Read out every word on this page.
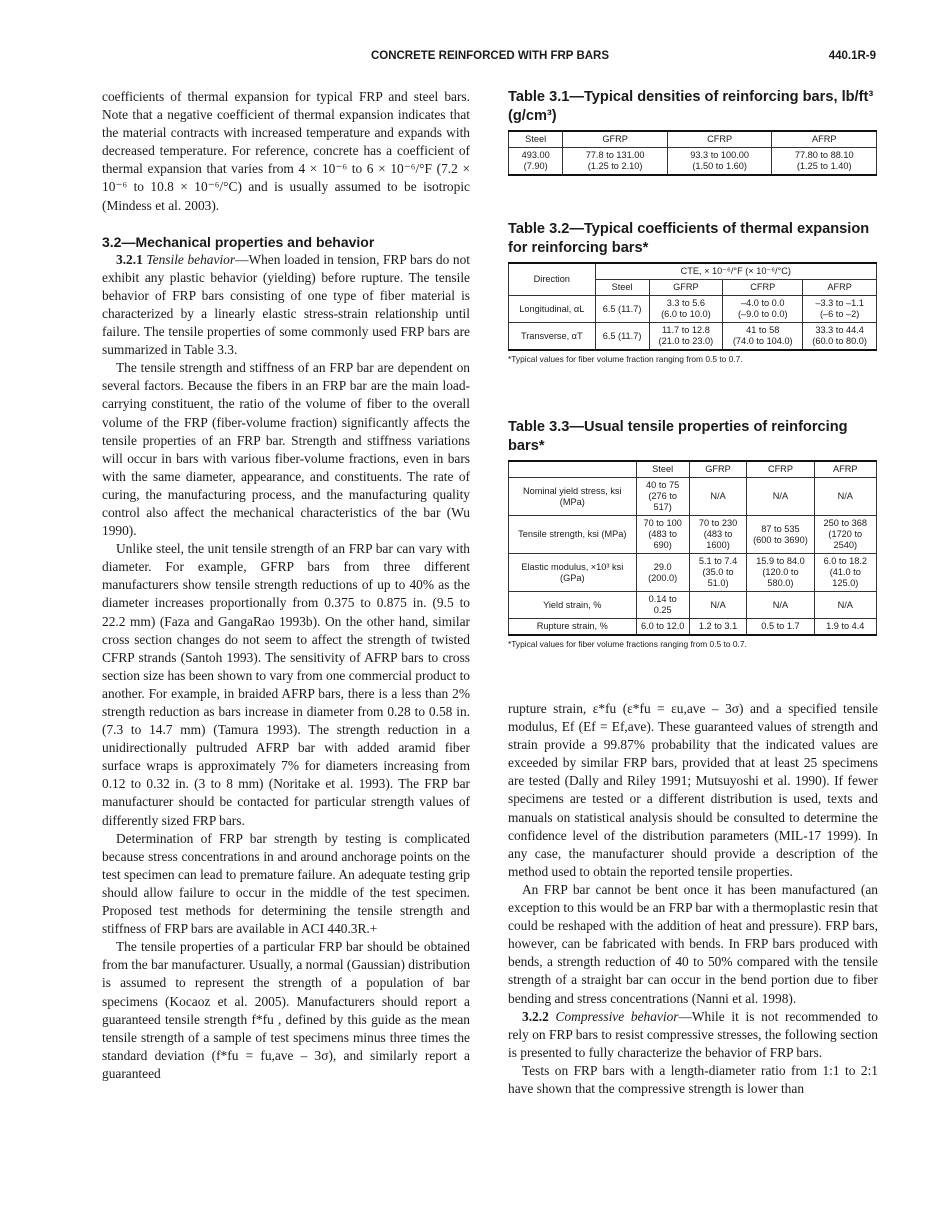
CONCRETE REINFORCED WITH FRP BARS	440.1R-9

coefficients of thermal expansion for typical FRP and steel bars. Note that a negative coefficient of thermal expansion indicates that the material contracts with increased temperature and expands with decreased temperature. For reference, concrete has a coefficient of thermal expansion that varies from 4 × 10⁻⁶ to 6 × 10⁻⁶/°F (7.2 × 10⁻⁶ to 10.8 × 10⁻⁶/°C) and is usually assumed to be isotropic (Mindess et al. 2003).

3.2—Mechanical properties and behavior

3.2.1 Tensile behavior—When loaded in tension, FRP bars do not exhibit any plastic behavior (yielding) before rupture. The tensile behavior of FRP bars consisting of one type of fiber material is characterized by a linearly elastic stress-strain relationship until failure. The tensile properties of some commonly used FRP bars are summarized in Table 3.3.

The tensile strength and stiffness of an FRP bar are dependent on several factors. Because the fibers in an FRP bar are the main load-carrying constituent, the ratio of the volume of fiber to the overall volume of the FRP (fiber-volume fraction) significantly affects the tensile properties of an FRP bar. Strength and stiffness variations will occur in bars with various fiber-volume fractions, even in bars with the same diameter, appearance, and constituents. The rate of curing, the manufacturing process, and the manufacturing quality control also affect the mechanical characteristics of the bar (Wu 1990).

Unlike steel, the unit tensile strength of an FRP bar can vary with diameter. For example, GFRP bars from three different manufacturers show tensile strength reductions of up to 40% as the diameter increases proportionally from 0.375 to 0.875 in. (9.5 to 22.2 mm) (Faza and GangaRao 1993b). On the other hand, similar cross section changes do not seem to affect the strength of twisted CFRP strands (Santoh 1993). The sensitivity of AFRP bars to cross section size has been shown to vary from one commercial product to another. For example, in braided AFRP bars, there is a less than 2% strength reduction as bars increase in diameter from 0.28 to 0.58 in. (7.3 to 14.7 mm) (Tamura 1993). The strength reduction in a unidirectionally pultruded AFRP bar with added aramid fiber surface wraps is approximately 7% for diameters increasing from 0.12 to 0.32 in. (3 to 8 mm) (Noritake et al. 1993). The FRP bar manufacturer should be contacted for particular strength values of differently sized FRP bars.

Determination of FRP bar strength by testing is complicated because stress concentrations in and around anchorage points on the test specimen can lead to premature failure. An adequate testing grip should allow failure to occur in the middle of the test specimen. Proposed test methods for determining the tensile strength and stiffness of FRP bars are available in ACI 440.3R.+

The tensile properties of a particular FRP bar should be obtained from the bar manufacturer. Usually, a normal (Gaussian) distribution is assumed to represent the strength of a population of bar specimens (Kocaoz et al. 2005). Manufacturers should report a guaranteed tensile strength f*fu , defined by this guide as the mean tensile strength of a sample of test specimens minus three times the standard deviation (f*fu = fu,ave – 3σ), and similarly report a guaranteed

Table 3.1—Typical densities of reinforcing bars, lb/ft³ (g/cm³)

Steel	GFRP	CFRP	AFRP
493.00
(7.90)	77.8 to 131.00
(1.25 to 2.10)	93.3 to 100.00
(1.50 to 1.60)	77.80 to 88.10
(1.25 to 1.40)

Table 3.2—Typical coefficients of thermal expansion for reinforcing bars*

Direction	CTE, × 10⁻⁶/°F (× 10⁻⁶/°C)			
	Steel	GFRP	CFRP	AFRP
Longitudinal, αL	6.5 (11.7)	3.3 to 5.6
(6.0 to 10.0)	–4.0 to 0.0
(–9.0 to 0.0)	–3.3 to –1.1
(–6 to –2)
Transverse, αT	6.5 (11.7)	11.7 to 12.8
(21.0 to 23.0)	41 to 58
(74.0 to 104.0)	33.3 to 44.4
(60.0 to 80.0)
*Typical values for fiber volume fraction ranging from 0.5 to 0.7.

Table 3.3—Usual tensile properties of reinforcing bars*

	Steel	GFRP	CFRP	AFRP
Nominal yield stress, ksi (MPa)	40 to 75
(276 to 517)	N/A	N/A	N/A
Tensile strength, ksi (MPa)	70 to 100
(483 to 690)	70 to 230
(483 to 1600)	87 to 535
(600 to 3690)	250 to 368
(1720 to 2540)
Elastic modulus, ×10³ ksi (GPa)	29.0
(200.0)	5.1 to 7.4
(35.0 to 51.0)	15.9 to 84.0
(120.0 to 580.0)	6.0 to 18.2
(41.0 to 125.0)
Yield strain, %	0.14 to 0.25	N/A	N/A	N/A
Rupture strain, %	6.0 to 12.0	1.2 to 3.1	0.5 to 1.7	1.9 to 4.4
*Typical values for fiber volume fractions ranging from 0.5 to 0.7.

rupture strain, ε*fu (ε*fu = εu,ave – 3σ) and a specified tensile modulus, Ef (Ef = Ef,ave). These guaranteed values of strength and strain provide a 99.87% probability that the indicated values are exceeded by similar FRP bars, provided that at least 25 specimens are tested (Dally and Riley 1991; Mutsuyoshi et al. 1990). If fewer specimens are tested or a different distribution is used, texts and manuals on statistical analysis should be consulted to determine the confidence level of the distribution parameters (MIL-17 1999). In any case, the manufacturer should provide a description of the method used to obtain the reported tensile properties.

An FRP bar cannot be bent once it has been manufactured (an exception to this would be an FRP bar with a thermoplastic resin that could be reshaped with the addition of heat and pressure). FRP bars, however, can be fabricated with bends. In FRP bars produced with bends, a strength reduction of 40 to 50% compared with the tensile strength of a straight bar can occur in the bend portion due to fiber bending and stress concentrations (Nanni et al. 1998).

3.2.2 Compressive behavior—While it is not recommended to rely on FRP bars to resist compressive stresses, the following section is presented to fully characterize the behavior of FRP bars.

Tests on FRP bars with a length-diameter ratio from 1:1 to 2:1 have shown that the compressive strength is lower than
